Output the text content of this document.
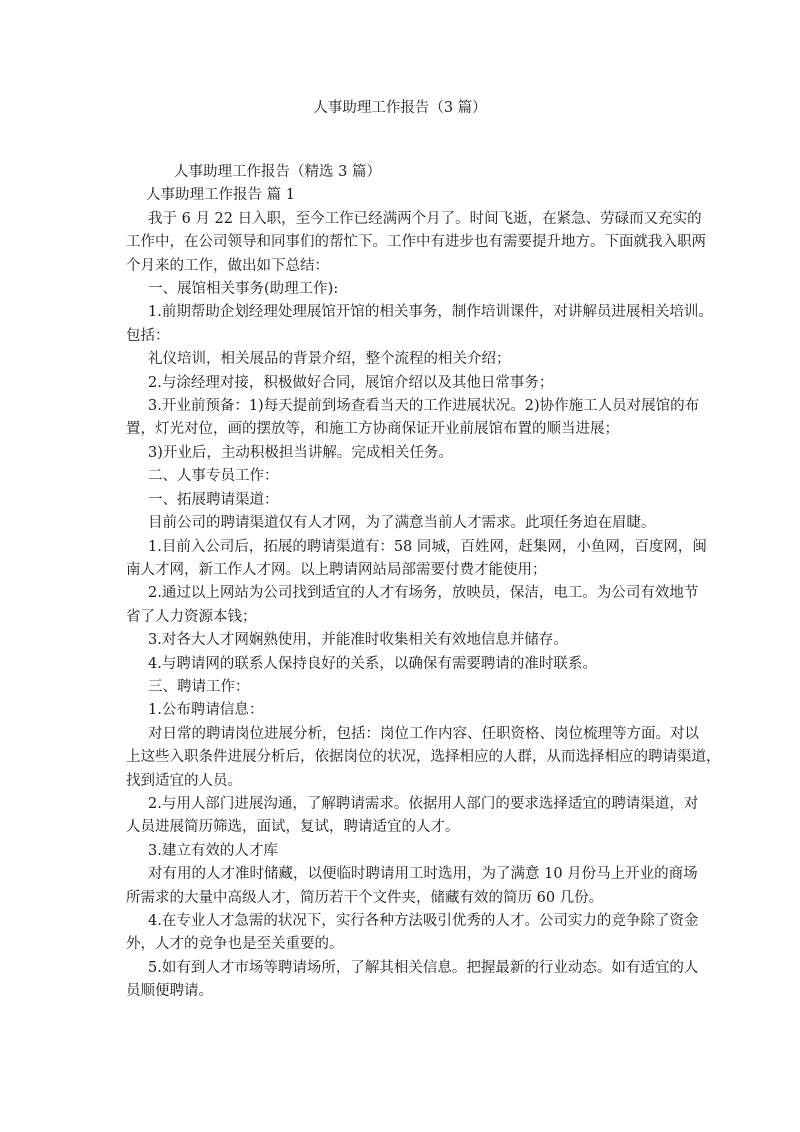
人事助理工作报告（3 篇）

人事助理工作报告（精选 3 篇）

人事助理工作报告 篇 1

我于 6 月 22 日入职，至今工作已经满两个月了。时间飞逝，在紧急、劳碌而又充实的

工作中，在公司领导和同事们的帮忙下。工作中有进步也有需要提升地方。下面就我入职两

个月来的工作，做出如下总结：

一、展馆相关事务(助理工作):

1.前期帮助企划经理处理展馆开馆的相关事务，制作培训课件，对讲解员进展相关培训。

包括：

礼仪培训，相关展品的背景介绍，整个流程的相关介绍；

2.与涂经理对接，积极做好合同，展馆介绍以及其他日常事务；

3.开业前预备：1)每天提前到场查看当天的工作进展状况。2)协作施工人员对展馆的布

置，灯光对位，画的摆放等，和施工方协商保证开业前展馆布置的顺当进展；

3)开业后，主动积极担当讲解。完成相关任务。

二、人事专员工作：

一、拓展聘请渠道：

目前公司的聘请渠道仅有人才网，为了满意当前人才需求。此项任务迫在眉睫。

1.目前入公司后，拓展的聘请渠道有：58 同城，百姓网，赶集网，小鱼网，百度网，闽

南人才网，新工作人才网。以上聘请网站局部需要付费才能使用；

2.通过以上网站为公司找到适宜的人才有场务，放映员，保洁，电工。为公司有效地节

省了人力资源本钱；

3.对各大人才网娴熟使用，并能准时收集相关有效地信息并储存。

4.与聘请网的联系人保持良好的关系，以确保有需要聘请的准时联系。

三、聘请工作：

1.公布聘请信息：

对日常的聘请岗位进展分析，包括：岗位工作内容、任职资格、岗位梳理等方面。对以

上这些入职条件进展分析后，依据岗位的状况，选择相应的人群，从而选择相应的聘请渠道，

找到适宜的人员。

2.与用人部门进展沟通，了解聘请需求。依据用人部门的要求选择适宜的聘请渠道，对

人员进展简历筛选，面试，复试，聘请适宜的人才。

3.建立有效的人才库

对有用的人才准时储藏，以便临时聘请用工时选用，为了满意 10 月份马上开业的商场

所需求的大量中高级人才，简历若干个文件夹，储藏有效的简历 60 几份。

4.在专业人才急需的状况下，实行各种方法吸引优秀的人才。公司实力的竞争除了资金

外，人才的竞争也是至关重要的。

5.如有到人才市场等聘请场所，了解其相关信息。把握最新的行业动态。如有适宜的人

员顺便聘请。
